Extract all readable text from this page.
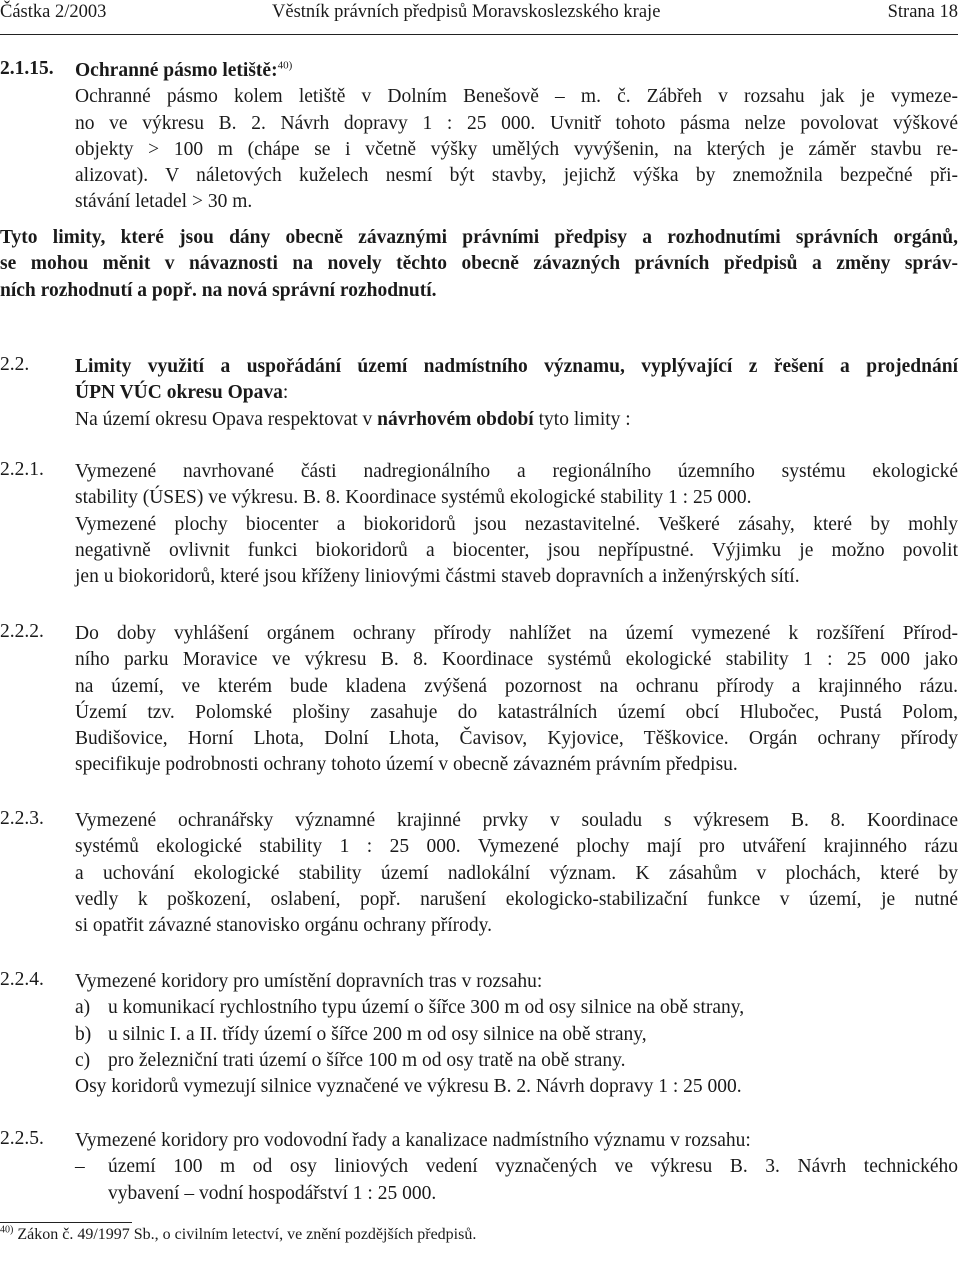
Částka 2/2003	Věstník právních předpisů Moravskoslezského kraje	Strana 18
2.1.15. Ochranné pásmo letiště:$^{40)}$
Ochranné pásmo kolem letiště v Dolním Benešově – m. č. Zábřeh v rozsahu jak je vymeze-
no ve výkresu B. 2. Návrh dopravy 1 : 25 000. Uvnitř tohoto pásma nelze povolovat výškové
objekty > 100 m (chápe se i včetně výšky umělých vyvýšenin, na kterých je záměr stavbu re-
alizovat). V náletových kuželech nesmí být stavby, jejichž výška by znemožnila bezpečné při-
stávání letadel > 30 m.
Tyto limity, které jsou dány obecně závaznými právními předpisy a rozhodnutími správních orgánů,
se mohou měnit v návaznosti na novely těchto obecně závazných právních předpisů a změny správ-
ních rozhodnutí a popř. na nová správní rozhodnutí.
2.2. Limity využití a uspořádání území nadmístního významu, vyplývající z řešení a projednání
ÚPN VÚC okresu Opava:
Na území okresu Opava respektovat v návrhovém období tyto limity :
2.2.1. Vymezené navrhované části nadregionálního a regionálního územního systému ekologické
stability (ÚSES) ve výkresu. B. 8. Koordinace systémů ekologické stability 1 : 25 000.
Vymezené plochy biocenter a biokoridorů jsou nezastavitelné. Veškeré zásahy, které by mohly
negativně ovlivnit funkci biokoridorů a biocenter, jsou nepřípustné. Výjimku je možno povolit
jen u biokoridorů, které jsou kříženy liniovými částmi staveb dopravních a inženýrských sítí.
2.2.2. Do doby vyhlášení orgánem ochrany přírody nahlížet na území vymezené k rozšíření Přírod-
ního parku Moravice ve výkresu B. 8. Koordinace systémů ekologické stability 1 : 25 000 jako
na území, ve kterém bude kladena zvýšená pozornost na ochranu přírody a krajinného rázu.
Území tzv. Polomské plošiny zasahuje do katastrálních území obcí Hlubočec, Pustá Polom,
Budišovice, Horní Lhota, Dolní Lhota, Čavisov, Kyjovice, Těškovice. Orgán ochrany přírody
specifikuje podrobnosti ochrany tohoto území v obecně závazném právním předpisu.
2.2.3. Vymezené ochranářsky významné krajinné prvky v souladu s výkresem B. 8. Koordinace
systémů ekologické stability 1 : 25 000. Vymezené plochy mají pro utváření krajinného rázu
a uchování ekologické stability území nadlokální význam. K zásahům v plochách, které by
vedly k poškození, oslabení, popř. narušení ekologicko-stabilizační funkce v území, je nutné
si opatřit závazné stanovisko orgánu ochrany přírody.
2.2.4. Vymezené koridory pro umístění dopravních tras v rozsahu:
a) u komunikací rychlostního typu území o šířce 300 m od osy silnice na obě strany,
b) u silnic I. a II. třídy území o šířce 200 m od osy silnice na obě strany,
c) pro železniční trati území o šířce 100 m od osy tratě na obě strany.
Osy koridorů vymezují silnice vyznačené ve výkresu B. 2. Návrh dopravy 1 : 25 000.
2.2.5. Vymezené koridory pro vodovodní řady a kanalizace nadmístního významu v rozsahu:
–	území 100 m od osy liniových vedení vyznačených ve výkresu B. 3. Návrh technického
vybavení – vodní hospodářství 1 : 25 000.
$^{40)}$ Zákon č. 49/1997 Sb., o civilním letectví, ve znění pozdějších předpisů.
